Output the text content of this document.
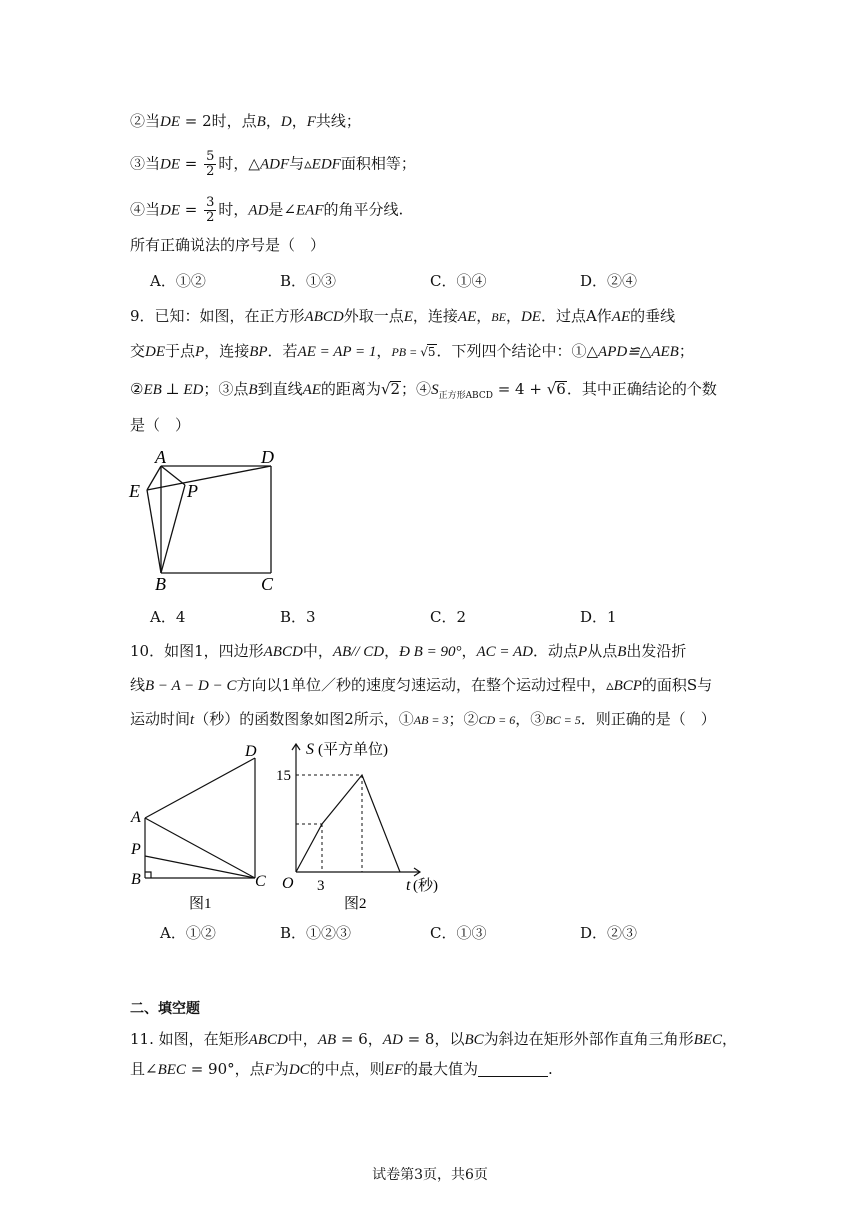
②当DE = 2时，点B，D，F共线；
③当DE = $\frac{5}{2}$ 时，△ADF与▵EDF面积相等；
④当DE = $\frac{3}{2}$ 时，AD是∠EAF的角平分线.
所有正确说法的序号是（　）
A．①②	B．①③	C．①④	D．②④
9．已知：如图，在正方形ABCD外取一点E，连接AE，BE，DE．过点A作AE的垂线
交DE于点P，连接BP．若AE = AP = 1，PB = √5．下列四个结论中：①△APD≌△AEB；
②EB ⊥ ED；③点B到直线AE的距离为√2；$④S_{正方形ABCD} = 4 + √6$．其中正确结论的个数
是（　）
A	D
E	P
B	C
A．4	B．3	C．2	D．1
10．如图1，四边形ABCD中，AB// CD，Ð B = 90°，AC = AD．动点P从点B出发沿折
线B − A − D − C方向以1单位／秒的速度匀速运动，在整个运动过程中，▵BCP的面积S与
运动时间t（秒）的函数图象如图2所示，①AB = 3；②CD = 6，③BC = 5．则正确的是（　）
D
A
P
B	C
图1
S (平方单位)
15
O 3	t (秒)
图2
A．①②	B．①②③	C．①③	D．②③
二、填空题
11. 如图，在矩形ABCD中，AB = 6，AD = 8，以BC为斜边在矩形外部作直角三角形BEC，
且∠BEC = 90°，点F为DC的中点，则EF的最大值为	.
试卷第3页，共6页
